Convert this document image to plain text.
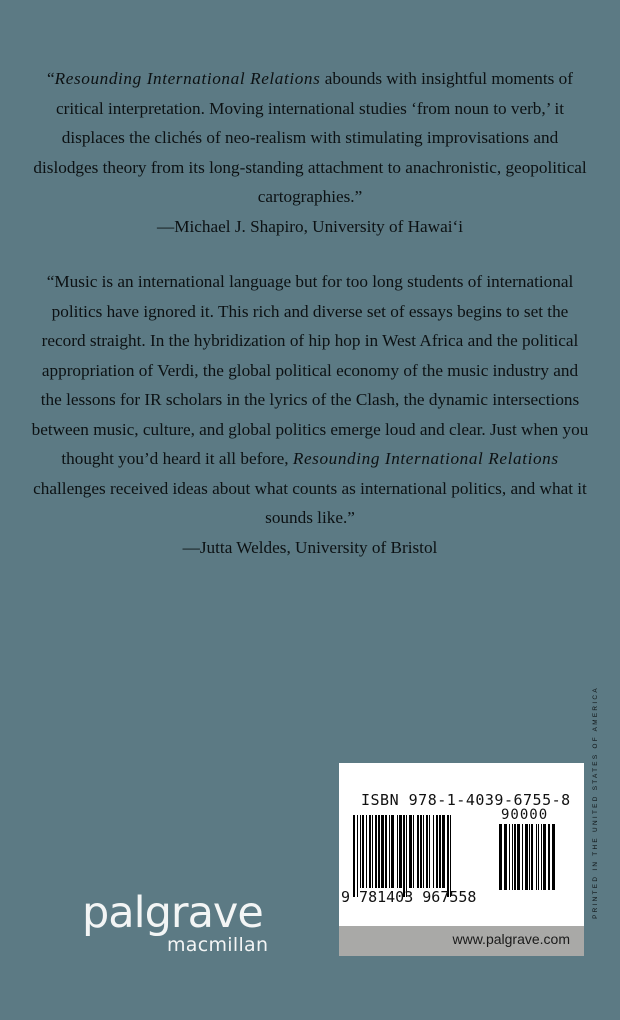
“Resounding International Relations abounds with insightful moments of critical interpretation. Moving international studies ‘from noun to verb,’ it displaces the clichés of neo-realism with stimulating improvisations and dislodges theory from its long-standing attachment to anachronistic, geopolitical cartographies.”

—Michael J. Shapiro, University of Hawai‘i

“Music is an international language but for too long students of international politics have ignored it. This rich and diverse set of essays begins to set the record straight. In the hybridization of hip hop in West Africa and the political appropriation of Verdi, the global political economy of the music industry and the lessons for IR scholars in the lyrics of the Clash, the dynamic intersections between music, culture, and global politics emerge loud and clear. Just when you thought you’d heard it all before, Resounding International Relations challenges received ideas about what counts as international politics, and what it sounds like.”

—Jutta Weldes, University of Bristol

PRINTED IN THE UNITED STATES OF AMERICA
ISBN 978-1-4039-6755-8
90000
9 781403 967558
www.palgrave.com
palgrave
macmillan
